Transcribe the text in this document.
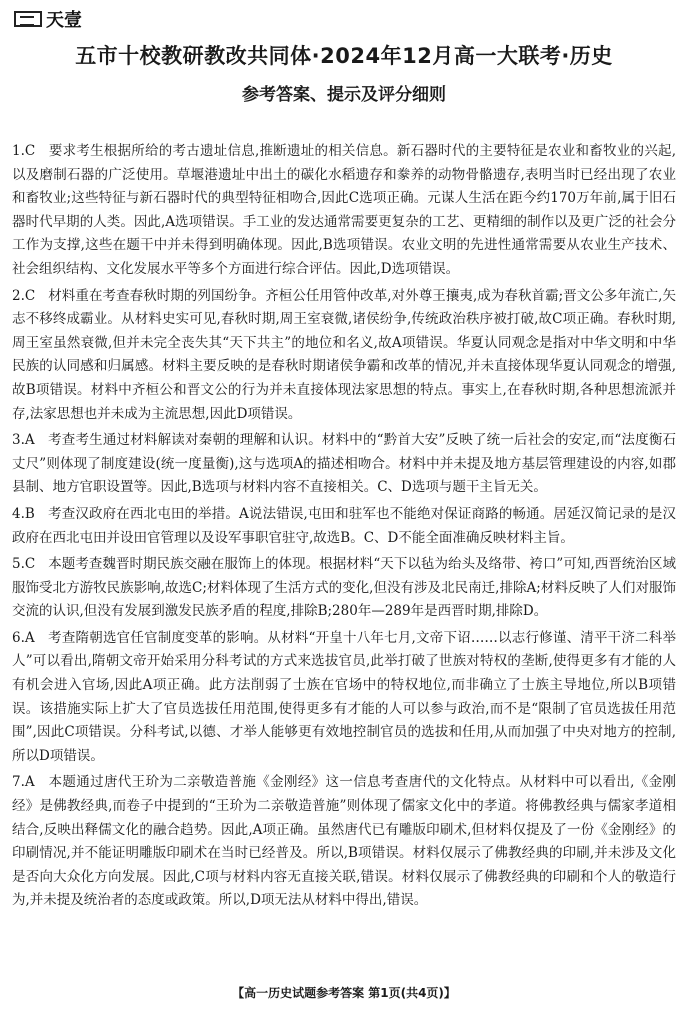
天壹
五市十校教研教改共同体·2024年12月高一大联考·历史
参考答案、提示及评分细则

1.C 要求考生根据所给的考古遗址信息,推断遗址的相关信息。新石器时代的主要特征是农业和畜牧业的兴起,以及磨制石器的广泛使用。草堰港遗址中出土的碳化水稻遗存和豢养的动物骨骼遗存,表明当时已经出现了农业和畜牧业;这些特征与新石器时代的典型特征相吻合,因此C选项正确。元谋人生活在距今约170万年前,属于旧石器时代早期的人类。因此,A选项错误。手工业的发达通常需要更复杂的工艺、更精细的制作以及更广泛的社会分工作为支撑,这些在题干中并未得到明确体现。因此,B选项错误。农业文明的先进性通常需要从农业生产技术、社会组织结构、文化发展水平等多个方面进行综合评估。因此,D选项错误。

2.C 材料重在考查春秋时期的列国纷争。齐桓公任用管仲改革,对外尊王攘夷,成为春秋首霸;晋文公多年流亡,矢志不移终成霸业。从材料史实可见,春秋时期,周王室衰微,诸侯纷争,传统政治秩序被打破,故C项正确。春秋时期,周王室虽然衰微,但并未完全丧失其“天下共主”的地位和名义,故A项错误。华夏认同观念是指对中华文明和中华民族的认同感和归属感。材料主要反映的是春秋时期诸侯争霸和改革的情况,并未直接体现华夏认同观念的增强,故B项错误。材料中齐桓公和晋文公的行为并未直接体现法家思想的特点。事实上,在春秋时期,各种思想流派并存,法家思想也并未成为主流思想,因此D项错误。

3.A 考查考生通过材料解读对秦朝的理解和认识。材料中的“黔首大安”反映了统一后社会的安定,而“法度衡石丈尺”则体现了制度建设(统一度量衡),这与选项A的描述相吻合。材料中并未提及地方基层管理建设的内容,如郡县制、地方官职设置等。因此,B选项与材料内容不直接相关。C、D选项与题干主旨无关。

4.B 考查汉政府在西北屯田的举措。A说法错误,屯田和驻军也不能绝对保证商路的畅通。居延汉简记录的是汉政府在西北屯田并设田官管理以及设军事职官驻守,故选B。C、D不能全面准确反映材料主旨。

5.C 本题考查魏晋时期民族交融在服饰上的体现。根据材料“天下以毡为绐头及络带、袴口”可知,西晋统治区域服饰受北方游牧民族影响,故选C;材料体现了生活方式的变化,但没有涉及北民南迁,排除A;材料反映了人们对服饰交流的认识,但没有发展到激发民族矛盾的程度,排除B;280年—289年是西晋时期,排除D。

6.A 考查隋朝选官任官制度变革的影响。从材料“开皇十八年七月,文帝下诏……以志行修谨、清平干济二科举人”可以看出,隋朝文帝开始采用分科考试的方式来选拔官员,此举打破了世族对特权的垄断,使得更多有才能的人有机会进入官场,因此A项正确。此方法削弱了士族在官场中的特权地位,而非确立了士族主导地位,所以B项错误。该措施实际上扩大了官员选拔任用范围,使得更多有才能的人可以参与政治,而不是“限制了官员选拔任用范围”,因此C项错误。分科考试,以德、才举人能够更有效地控制官员的选拔和任用,从而加强了中央对地方的控制,所以D项错误。

7.A 本题通过唐代王玠为二亲敬造普施《金刚经》这一信息考查唐代的文化特点。从材料中可以看出,《金刚经》是佛教经典,而卷子中提到的“王玠为二亲敬造普施”则体现了儒家文化中的孝道。将佛教经典与儒家孝道相结合,反映出释儒文化的融合趋势。因此,A项正确。虽然唐代已有雕版印刷术,但材料仅提及了一份《金刚经》的印刷情况,并不能证明雕版印刷术在当时已经普及。所以,B项错误。材料仅展示了佛教经典的印刷,并未涉及文化是否向大众化方向发展。因此,C项与材料内容无直接关联,错误。材料仅展示了佛教经典的印刷和个人的敬造行为,并未提及统治者的态度或政策。所以,D项无法从材料中得出,错误。

【高一历史试题参考答案 第1页(共4页)】
